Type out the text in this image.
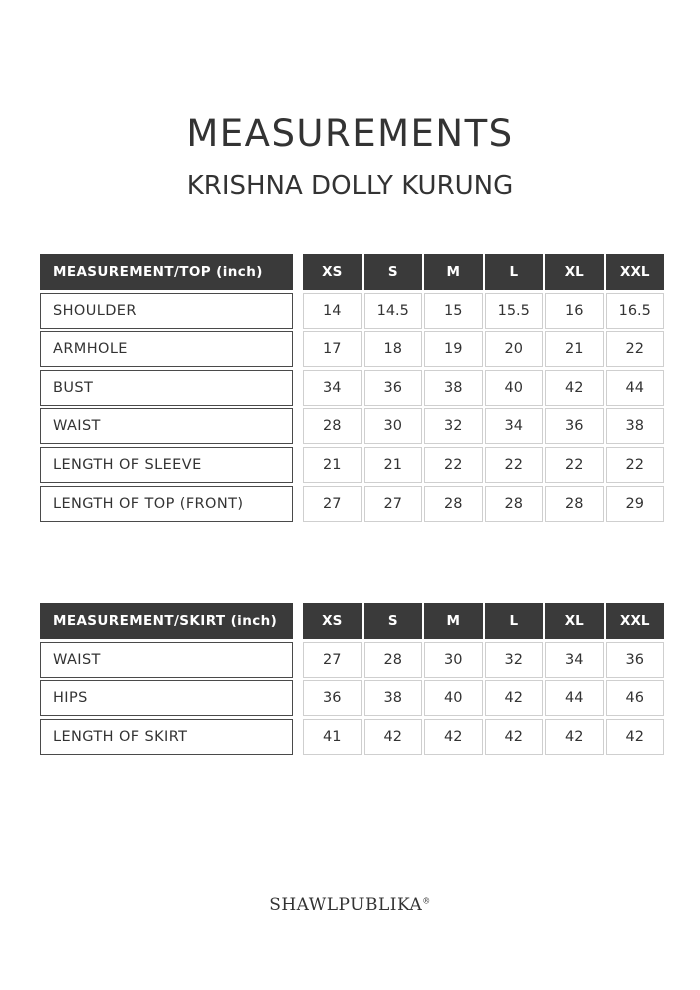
MEASUREMENTS
KRISHNA DOLLY KURUNG
MEASUREMENT/TOP (inch)	XS	S	M	L	XL	XXL
SHOULDER	14	14.5	15	15.5	16	16.5
ARMHOLE	17	18	19	20	21	22
BUST	34	36	38	40	42	44
WAIST	28	30	32	34	36	38
LENGTH OF SLEEVE	21	21	22	22	22	22
LENGTH OF TOP (FRONT)	27	27	28	28	28	29
MEASUREMENT/SKIRT (inch)	XS	S	M	L	XL	XXL
WAIST	27	28	30	32	34	36
HIPS	36	38	40	42	44	46
LENGTH OF SKIRT	41	42	42	42	42	42
SHAWLPUBLIKA®
